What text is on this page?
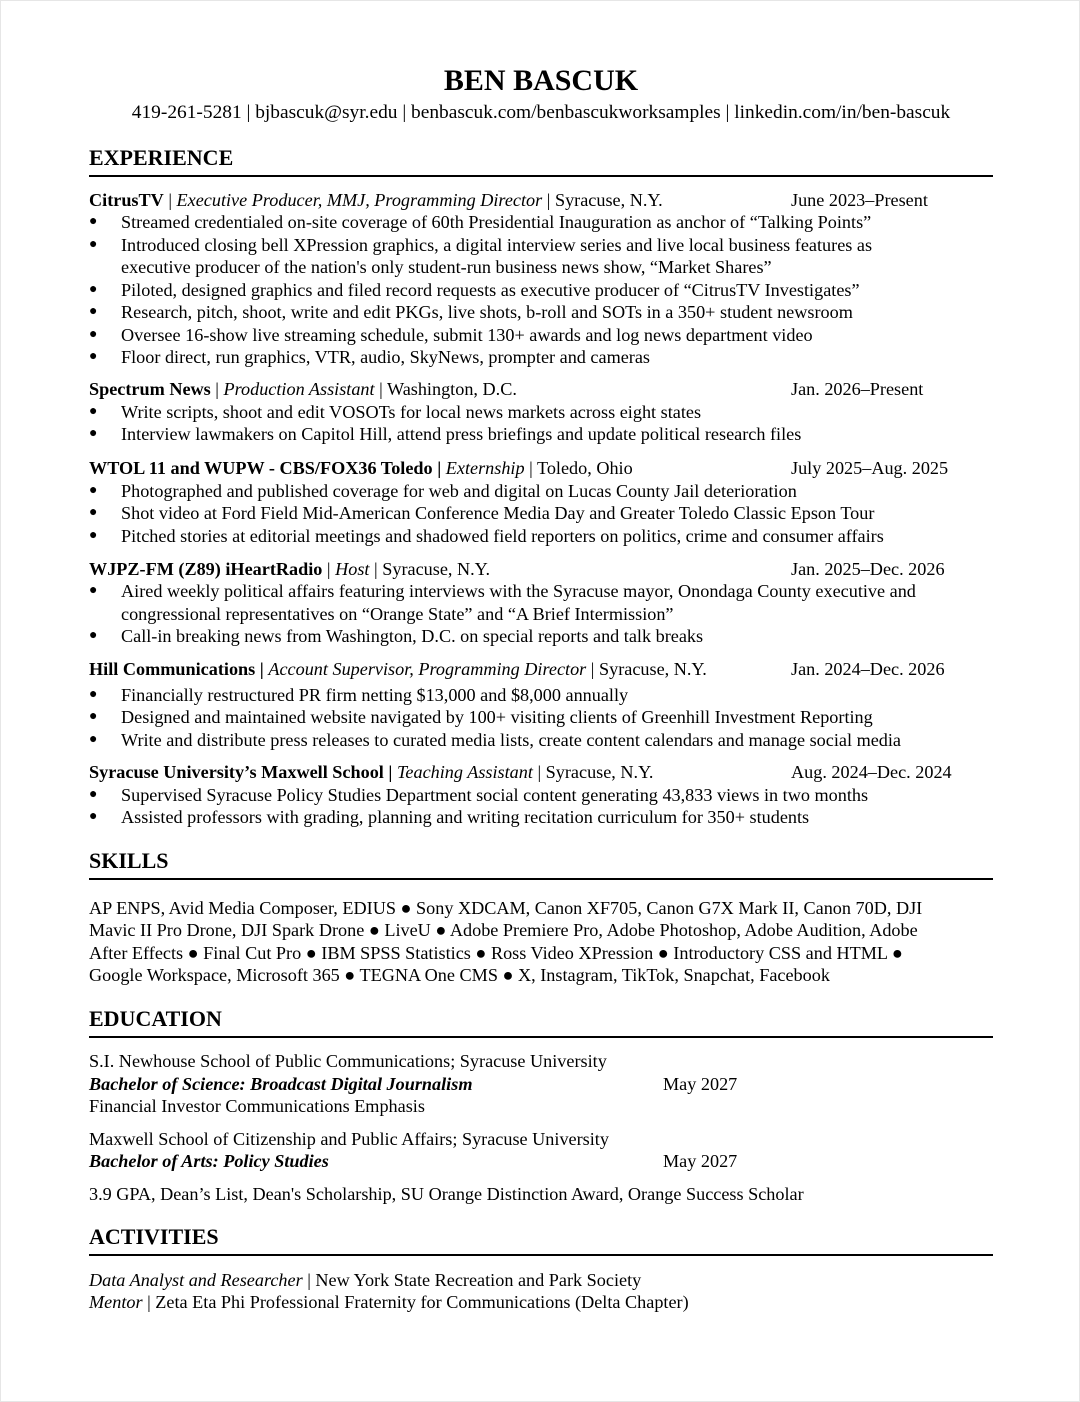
BEN BASCUK
419-261-5281 | bjbascuk@syr.edu | benbascuk.com/benbascukworksamples | linkedin.com/in/ben-bascuk
EXPERIENCE
CitrusTV | Executive Producer, MMJ, Programming Director | Syracuse, N.Y.	June 2023–Present
● Streamed credentialed on-site coverage of 60th Presidential Inauguration as anchor of “Talking Points”
● Introduced closing bell XPression graphics, a digital interview series and live local business features as
executive producer of the nation's only student-run business news show, “Market Shares”
● Piloted, designed graphics and filed record requests as executive producer of “CitrusTV Investigates”
● Research, pitch, shoot, write and edit PKGs, live shots, b-roll and SOTs in a 350+ student newsroom
● Oversee 16-show live streaming schedule, submit 130+ awards and log news department video
● Floor direct, run graphics, VTR, audio, SkyNews, prompter and cameras
Spectrum News | Production Assistant | Washington, D.C.	Jan. 2026–Present
● Write scripts, shoot and edit VOSOTs for local news markets across eight states
● Interview lawmakers on Capitol Hill, attend press briefings and update political research files
WTOL 11 and WUPW - CBS/FOX36 Toledo | Externship | Toledo, Ohio	July 2025–Aug. 2025
● Photographed and published coverage for web and digital on Lucas County Jail deterioration
● Shot video at Ford Field Mid-American Conference Media Day and Greater Toledo Classic Epson Tour
● Pitched stories at editorial meetings and shadowed field reporters on politics, crime and consumer affairs
WJPZ-FM (Z89) iHeartRadio | Host | Syracuse, N.Y.	Jan. 2025–Dec. 2026
● Aired weekly political affairs featuring interviews with the Syracuse mayor, Onondaga County executive and
congressional representatives on “Orange State” and “A Brief Intermission”
● Call-in breaking news from Washington, D.C. on special reports and talk breaks
Hill Communications | Account Supervisor, Programming Director | Syracuse, N.Y.	Jan. 2024–Dec. 2026
● Financially restructured PR firm netting $13,000 and $8,000 annually
● Designed and maintained website navigated by 100+ visiting clients of Greenhill Investment Reporting
● Write and distribute press releases to curated media lists, create content calendars and manage social media
Syracuse University’s Maxwell School | Teaching Assistant | Syracuse, N.Y.	Aug. 2024–Dec. 2024
● Supervised Syracuse Policy Studies Department social content generating 43,833 views in two months
● Assisted professors with grading, planning and writing recitation curriculum for 350+ students
SKILLS
AP ENPS, Avid Media Composer, EDIUS ● Sony XDCAM, Canon XF705, Canon G7X Mark II, Canon 70D, DJI
Mavic II Pro Drone, DJI Spark Drone ● LiveU ● Adobe Premiere Pro, Adobe Photoshop, Adobe Audition, Adobe
After Effects ● Final Cut Pro ● IBM SPSS Statistics ● Ross Video XPression ● Introductory CSS and HTML ●
Google Workspace, Microsoft 365 ● TEGNA One CMS ● X, Instagram, TikTok, Snapchat, Facebook
EDUCATION
S.I. Newhouse School of Public Communications; Syracuse University
Bachelor of Science: Broadcast Digital Journalism	May 2027
Financial Investor Communications Emphasis
Maxwell School of Citizenship and Public Affairs; Syracuse University
Bachelor of Arts: Policy Studies	May 2027
3.9 GPA, Dean’s List, Dean's Scholarship, SU Orange Distinction Award, Orange Success Scholar
ACTIVITIES
Data Analyst and Researcher | New York State Recreation and Park Society
Mentor | Zeta Eta Phi Professional Fraternity for Communications (Delta Chapter)
